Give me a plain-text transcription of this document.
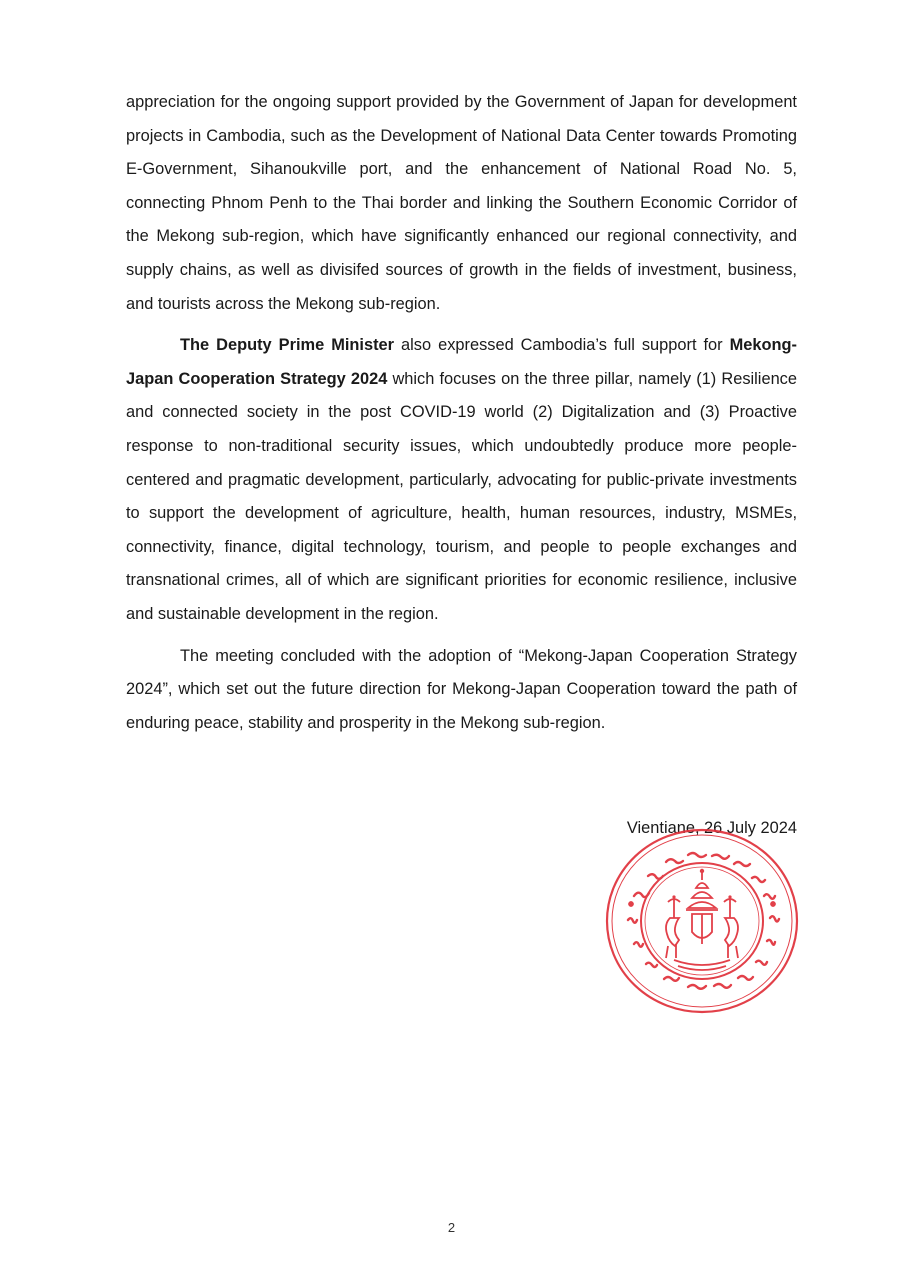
appreciation for the ongoing support provided by the Government of Japan for development projects in Cambodia, such as the Development of National Data Center towards Promoting E-Government, Sihanoukville port, and the enhancement of National Road No. 5, connecting Phnom Penh to the Thai border and linking the Southern Economic Corridor of the Mekong sub-region, which have significantly enhanced our regional connectivity, and supply chains, as well as divisifed sources of growth in the fields of investment, business, and tourists across the Mekong sub-region.

The Deputy Prime Minister also expressed Cambodia’s full support for Mekong-Japan Cooperation Strategy 2024 which focuses on the three pillar, namely (1) Resilience and connected society in the post COVID-19 world (2) Digitalization and (3) Proactive response to non-traditional security issues, which undoubtedly produce more people-centered and pragmatic development, particularly, advocating for public-private investments to support the development of agriculture, health, human resources, industry, MSMEs, connectivity, finance, digital technology, tourism, and people to people exchanges and transnational crimes, all of which are significant priorities for economic resilience, inclusive and sustainable development in the region.

The meeting concluded with the adoption of “Mekong-Japan Cooperation Strategy 2024”, which set out the future direction for Mekong-Japan Cooperation toward the path of enduring peace, stability and prosperity in the Mekong sub-region.

Vientiane, 26 July 2024
2
